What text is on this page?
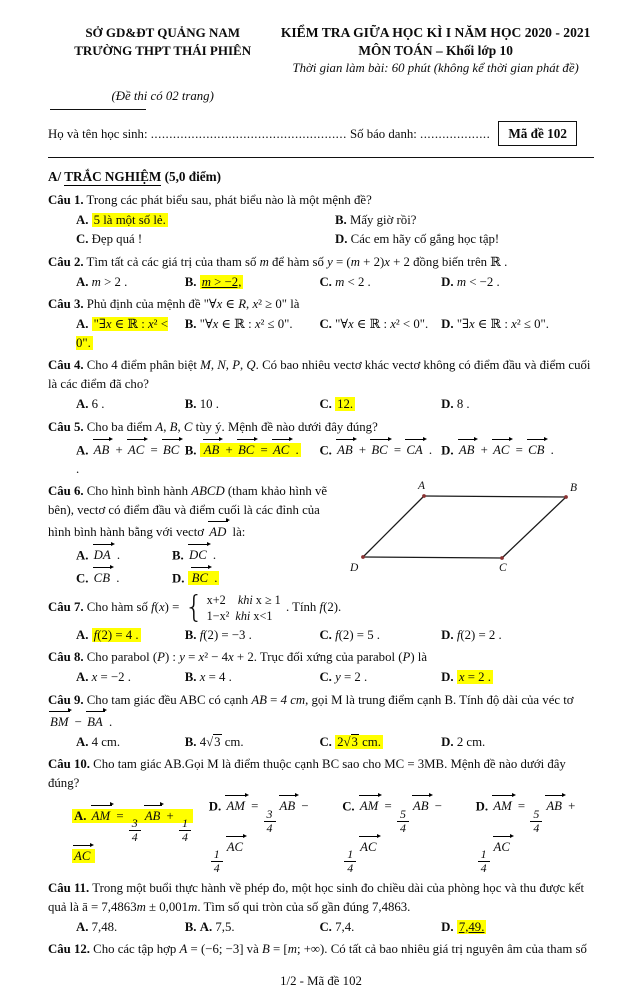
SỞ GD&ĐT QUẢNG NAM
TRƯỜNG THPT THÁI PHIÊN
KIỂM TRA GIỮA HỌC KÌ I NĂM HỌC 2020 - 2021
MÔN TOÁN – Khối lớp 10
Thời gian làm bài: 60 phút (không kể thời gian phát đề)
(Đề thi có 02 trang)
Họ và tên học sinh:
.....................................................
Số báo danh:
...................	Mã đề 102
A/ TRẮC NGHIỆM (5,0 điểm)
Câu 1. Trong các phát biểu sau, phát biểu nào là một mệnh đề?
A. 5 là một số lẻ.	B. Mấy giờ rồi?
C. Đẹp quá !	D. Các em hãy cố gắng học tập!
Câu 2. Tìm tất cả các giá trị của tham số m để hàm số y = (m + 2)x + 2 đồng biến trên ℝ .
A. m > 2 .	B. m > −2,	C. m < 2 .	D. m < −2 .
Câu 3. Phủ định của mệnh đề "∀x ∈ R, x² ≥ 0" là
A. "∃x ∈ ℝ : x² < 0".
B. "∀x ∈ ℝ : x² ≤ 0".	C. "∀x ∈ ℝ : x² < 0".	D. "∃x ∈ ℝ : x² ≤ 0".
Câu 4. Cho 4 điểm phân biệt M, N, P, Q. Có bao nhiêu vectơ khác vectơ không có điểm đầu và điểm cuối là các điểm đã cho?
A. 6 .	B. 10 .	C. 12.	D. 8 .
Câu 5. Cho ba điểm A, B, C tùy ý. Mệnh đề nào dưới đây đúng?
A. AB + AC = BC .
B. AB + BC = AC .	C. AB + BC = CA . D. AB + AC = CB .
Câu 6. Cho hình bình hành ABCD (tham khảo hình vẽ bên), vectơ có điểm đầu và điểm cuối là các đỉnh của hình bình hành bằng với vectơ AD là:
A. DA .	B. DC .
C. CB .	D. BC .
A	B
C
D
Câu 7. Cho hàm số f(x) = { x+2    khi x ≥ 1
1−x²  khi x<1
. Tính f(2).
A. f(2) = 4 .	B. f(2) = −3 .	C. f(2) = 5 .	D. f(2) = 2 .
Câu 8. Cho parabol (P) : y = x² − 4x + 2. Trục đối xứng của parabol (P) là
A. x = −2 .	B. x = 4 .	C. y = 2 .	D. x = 2 .
Câu 9. Cho tam giác đều ABC có cạnh AB = 4 cm, gọi M là trung điểm cạnh B. Tính độ dài của véc tơ BM − BA .
A. 4 cm.	B. 4√3 cm.	C. 2√3 cm.	D. 2 cm.
Câu 10. Cho tam giác AB.Gọi M là điểm thuộc cạnh BC sao cho MC = 3MB. Mệnh đề nào dưới đây đúng?
A. AM =
$\frac{3}{4}$
AB +
$\frac{1}{4}$
AC
D. AM =
$\frac{3}{4}$
AB −
$\frac{1}{4}$
AC
C. AM =
$\frac{5}{4}$
AB −
$\frac{1}{4}$
AC
D. AM =
$\frac{5}{4}$
AB +
$\frac{1}{4}$
AC
Câu 11. Trong một buổi thực hành về phép đo, một học sinh đo chiều dài của phòng học và thu được kết quả là ā = 7,4863m ± 0,001m. Tìm số qui tròn của số gần đúng 7,4863.
A. 7,48.	B. A. 7,5.	C. 7,4.	D. 7,49.
Câu 12. Cho các tập hợp A = (−6; −3] và B = [m; +∞). Có tất cả bao nhiêu giá trị nguyên âm của tham số
1/2 - Mã đề 102
